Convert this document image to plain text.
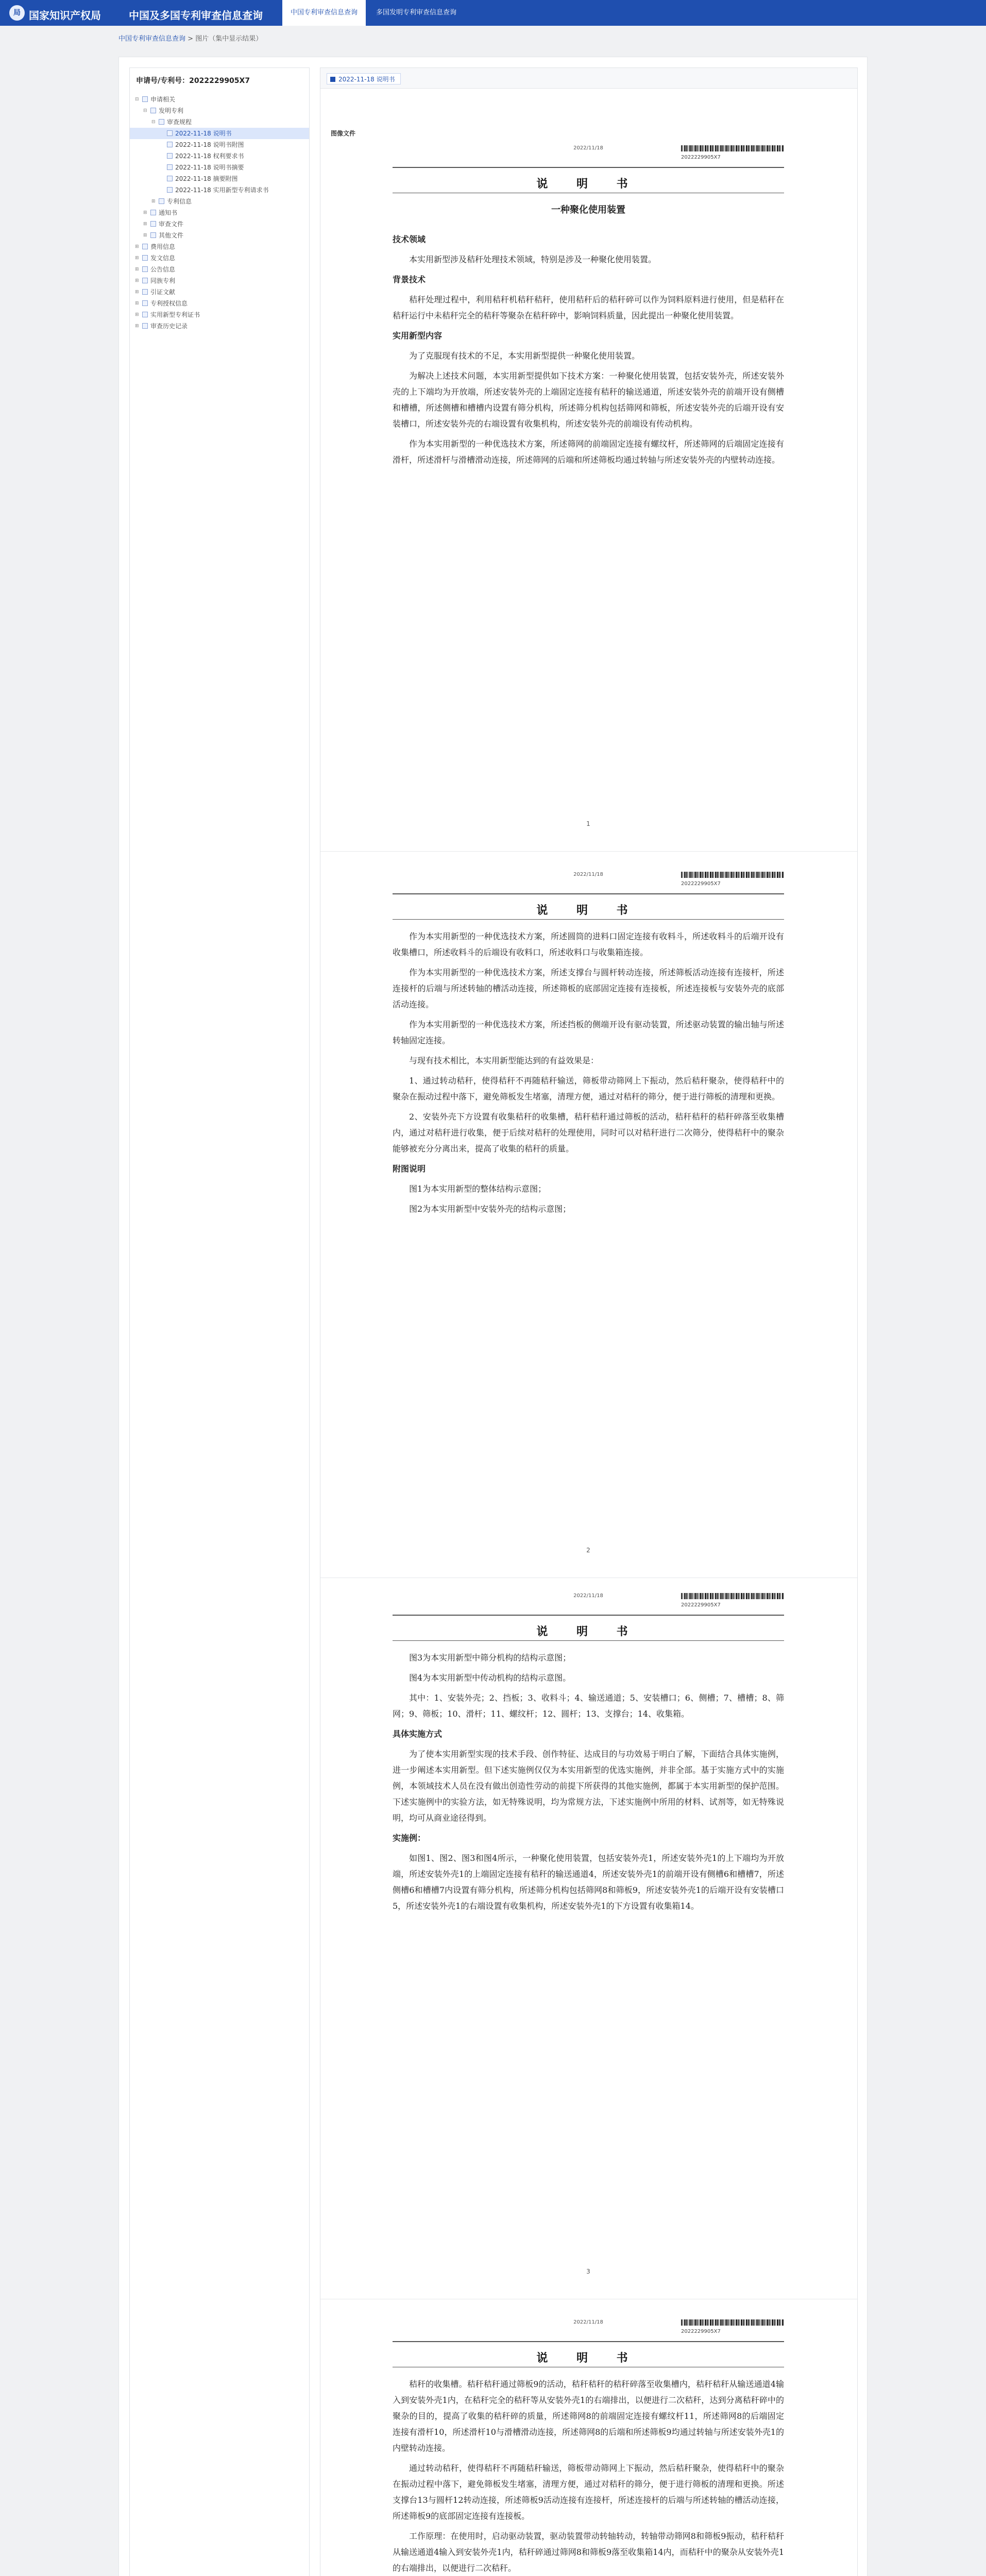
局 国家知识产权局	中国及多国专利审查信息查询	中国专利审查信息查询	多国发明专利审查信息查询
中国专利审查信息查询 > 图片（集中显示结果）
申请号/专利号：2022229905X7
⊟ 申请相关
⊟ 发明专利
⊟ 审查规程
2022-11-18 说明书
2022-11-18 说明书附图
2022-11-18 权利要求书
2022-11-18 说明书摘要
2022-11-18 摘要附图
2022-11-18 实用新型专利请求书
⊞ 专利信息
⊞ 通知书
⊞ 审查文件
⊞ 其他文件
⊞ 费用信息
⊞ 发文信息
⊞ 公告信息
⊞ 同族专利
⊞ 引证文献
⊞ 专利授权信息
⊞ 实用新型专利证书
⊞ 审查历史记录
2022-11-18 说明书
图像文件
2022/11/18
2022229905X7
说 明 书

一种聚化使用装置

技术领域

本实用新型涉及秸秆处理技术领域，特别是涉及一种聚化使用装置。

背景技术

秸秆处理过程中，利用秸秆机秸秆秸秆，使用秸秆后的秸秆碎可以作为饲料原料进行使用，但是秸秆在秸秆运行中未秸秆完全的秸秆等聚杂在秸秆碎中，影响饲料质量，因此提出一种聚化使用装置。

实用新型内容

为了克服现有技术的不足，本实用新型提供一种聚化使用装置。

为解决上述技术问题，本实用新型提供如下技术方案：一种聚化使用装置，包括安装外壳，所述安装外壳的上下端均为开放端，所述安装外壳的上端固定连接有秸秆的输送通道，所述安装外壳的前端开设有侧槽和槽槽，所述侧槽和槽槽内设置有筛分机构，所述筛分机构包括筛网和筛板，所述安装外壳的后端开设有安装槽口，所述安装外壳的右端设置有收集机构，所述安装外壳的前端设有传动机构。

作为本实用新型的一种优选技术方案，所述筛网的前端固定连接有螺纹杆，所述筛网的后端固定连接有滑杆，所述滑杆与滑槽滑动连接，所述筛网的后端和所述筛板均通过转轴与所述安装外壳的内壁转动连接。

1
2022/11/18
2022229905X7
说 明 书

作为本实用新型的一种优选技术方案，所述圆筒的进料口固定连接有收料斗，所述收料斗的后端开设有收集槽口，所述收料斗的后端设有收料口，所述收料口与收集箱连接。

作为本实用新型的一种优选技术方案，所述支撑台与圆杆转动连接，所述筛板活动连接有连接杆，所述连接杆的后端与所述转轴的槽活动连接，所述筛板的底部固定连接有连接板，所述连接板与安装外壳的底部活动连接。

作为本实用新型的一种优选技术方案，所述挡板的侧端开设有驱动装置，所述驱动装置的输出轴与所述转轴固定连接。

与现有技术相比，本实用新型能达到的有益效果是：

1、通过转动秸秆，使得秸秆不再随秸秆输送，筛板带动筛网上下振动，然后秸秆聚杂，使得秸秆中的聚杂在振动过程中落下，避免筛板发生堵塞，清理方便，通过对秸秆的筛分，便于进行筛板的清理和更换。

2、安装外壳下方设置有收集秸秆的收集槽，秸秆秸秆通过筛板的活动，秸秆秸秆的秸秆碎落至收集槽内，通过对秸秆进行收集，便于后续对秸秆的处理使用，同时可以对秸秆进行二次筛分，使得秸秆中的聚杂能够被充分分离出来，提高了收集的秸秆的质量。

附图说明

图1为本实用新型的整体结构示意图；

图2为本实用新型中安装外壳的结构示意图；

2
2022/11/18
2022229905X7
说 明 书

图3为本实用新型中筛分机构的结构示意图；

图4为本实用新型中传动机构的结构示意图。

其中：1、安装外壳；2、挡板；3、收料斗；4、输送通道；5、安装槽口；6、侧槽；7、槽槽；8、筛网；9、筛板；10、滑杆；11、螺纹杆；12、圆杆；13、支撑台；14、收集箱。

具体实施方式

为了使本实用新型实现的技术手段、创作特征、达成目的与功效易于明白了解，下面结合具体实施例，进一步阐述本实用新型。但下述实施例仅仅为本实用新型的优选实施例，并非全部。基于实施方式中的实施例，本领域技术人员在没有做出创造性劳动的前提下所获得的其他实施例，都属于本实用新型的保护范围。下述实施例中的实验方法，如无特殊说明，均为常规方法，下述实施例中所用的材料、试剂等，如无特殊说明，均可从商业途径得到。

实施例：

如图1、图2、图3和图4所示，一种聚化使用装置，包括安装外壳1，所述安装外壳1的上下端均为开放端，所述安装外壳1的上端固定连接有秸秆的输送通道4，所述安装外壳1的前端开设有侧槽6和槽槽7，所述侧槽6和槽槽7内设置有筛分机构，所述筛分机构包括筛网8和筛板9，所述安装外壳1的后端开设有安装槽口5，所述安装外壳1的右端设置有收集机构，所述安装外壳1的下方设置有收集箱14。

3
2022/11/18
2022229905X7
说 明 书

秸秆的收集槽。秸秆秸秆通过筛板9的活动，秸秆秸秆的秸秆碎落至收集槽内，秸秆秸秆从输送通道4输入到安装外壳1内，在秸秆完全的秸秆等从安装外壳1的右端排出，以便进行二次秸秆，达到分离秸秆碎中的聚杂的目的，提高了收集的秸秆碎的质量，所述筛网8的前端固定连接有螺纹杆11，所述筛网8的后端固定连接有滑杆10，所述滑杆10与滑槽滑动连接，所述筛网8的后端和所述筛板9均通过转轴与所述安装外壳1的内壁转动连接。

通过转动秸秆，使得秸秆不再随秸秆输送，筛板带动筛网上下振动，然后秸秆聚杂，使得秸秆中的聚杂在振动过程中落下，避免筛板发生堵塞，清理方便，通过对秸秆的筛分，便于进行筛板的清理和更换。所述支撑台13与圆杆12转动连接，所述筛板9活动连接有连接杆，所述连接杆的后端与所述转轴的槽活动连接，所述筛板9的底部固定连接有连接板。

工作原理：在使用时，启动驱动装置，驱动装置带动转轴转动，转轴带动筛网8和筛板9振动，秸秆秸秆从输送通道4输入到安装外壳1内，秸秆碎通过筛网8和筛板9落至收集箱14内，而秸秆中的聚杂从安装外壳1的右端排出，以便进行二次秸秆。
